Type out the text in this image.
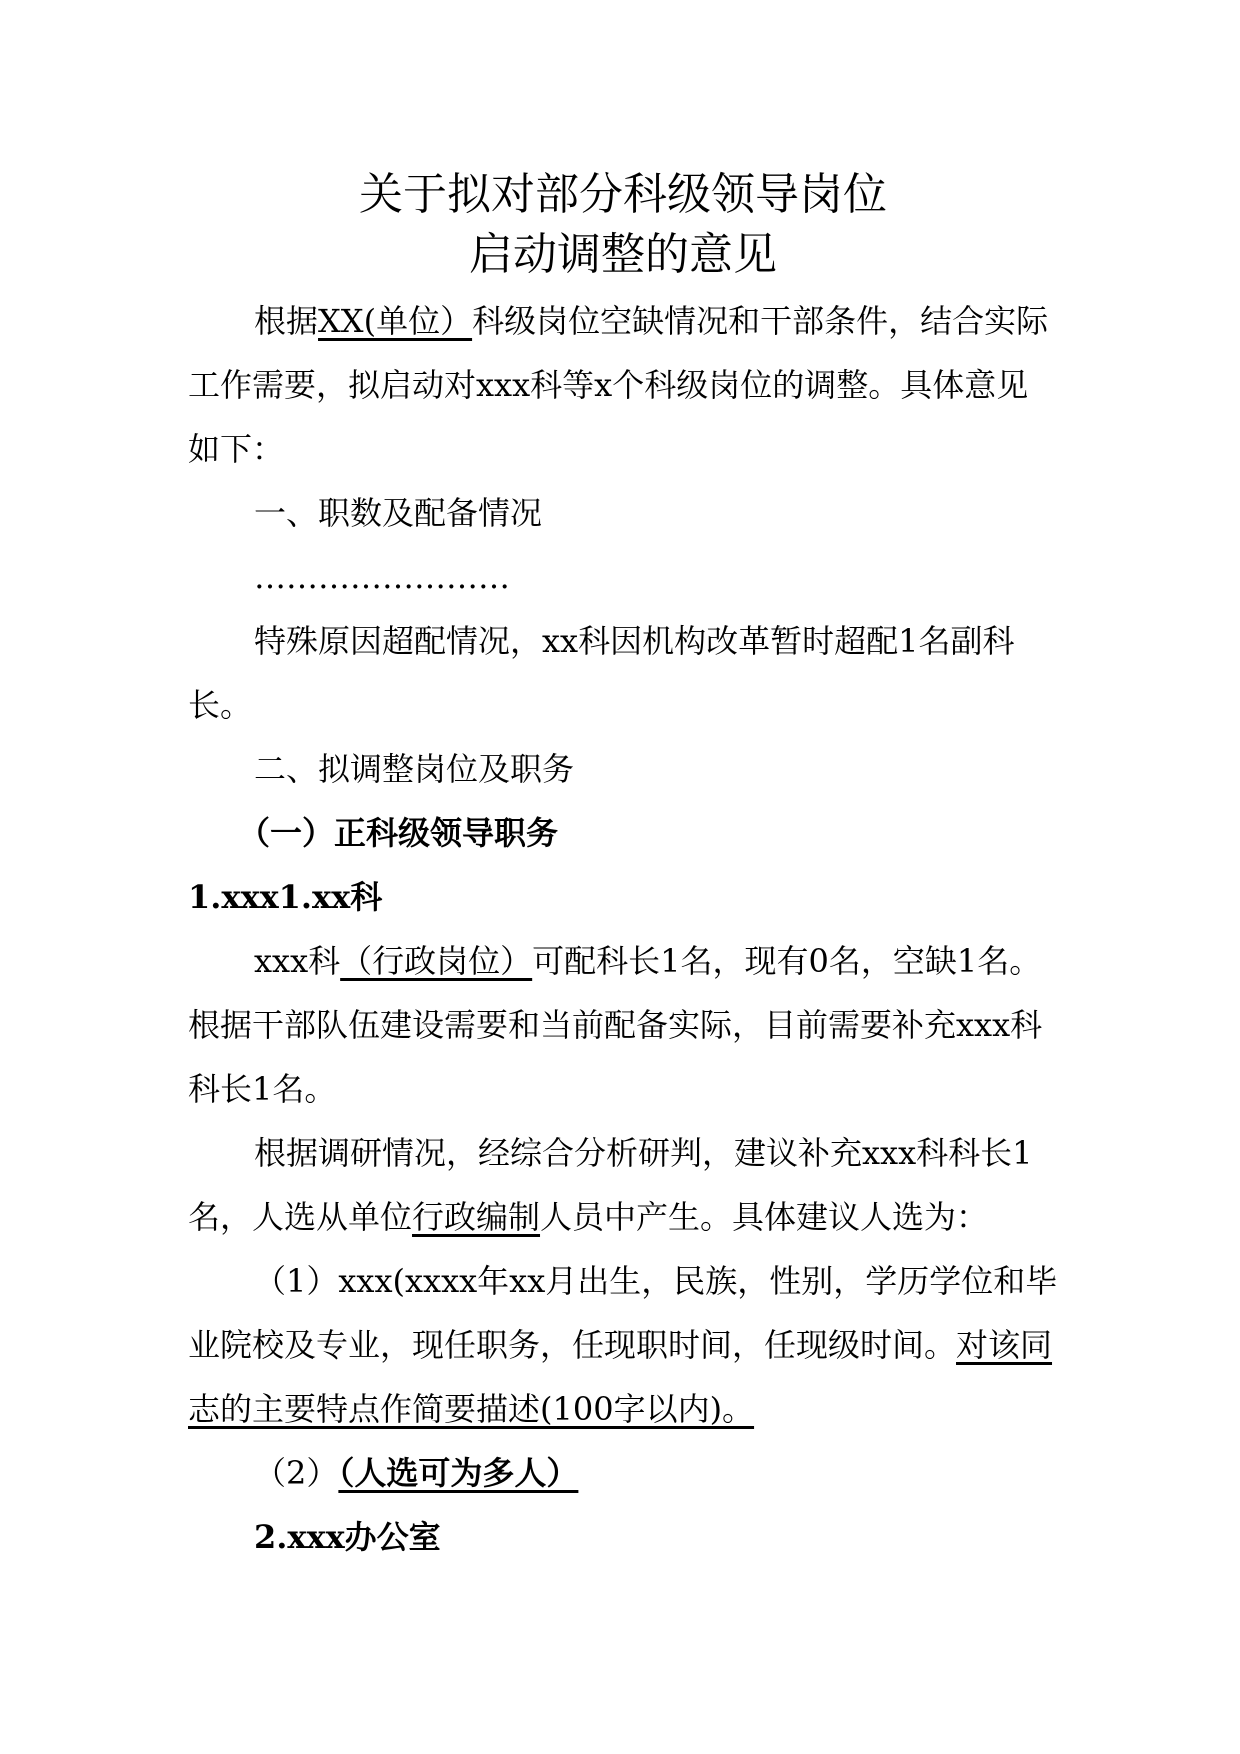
关于拟对部分科级领导岗位
启动调整的意见

根据XX(单位）科级岗位空缺情况和干部条件，结合实际工作需要，拟启动对xxx科等x个科级岗位的调整。具体意见如下：

一、职数及配备情况

……………………

特殊原因超配情况，xx科因机构改革暂时超配1名副科长。

二、拟调整岗位及职务

（一）正科级领导职务

1.xxx1.xx科

xxx科（行政岗位）可配科长1名，现有0名，空缺1名。根据干部队伍建设需要和当前配备实际，目前需要补充xxx科科长1名。

根据调研情况，经综合分析研判，建议补充xxx科科长1名，人选从单位行政编制人员中产生。具体建议人选为：

（1）xxx(xxxx年xx月出生，民族，性别，学历学位和毕业院校及专业，现任职务，任现职时间，任现级时间。对该同志的主要特点作简要描述(100字以内)。

（2）（人选可为多人）

2.xxx办公室
